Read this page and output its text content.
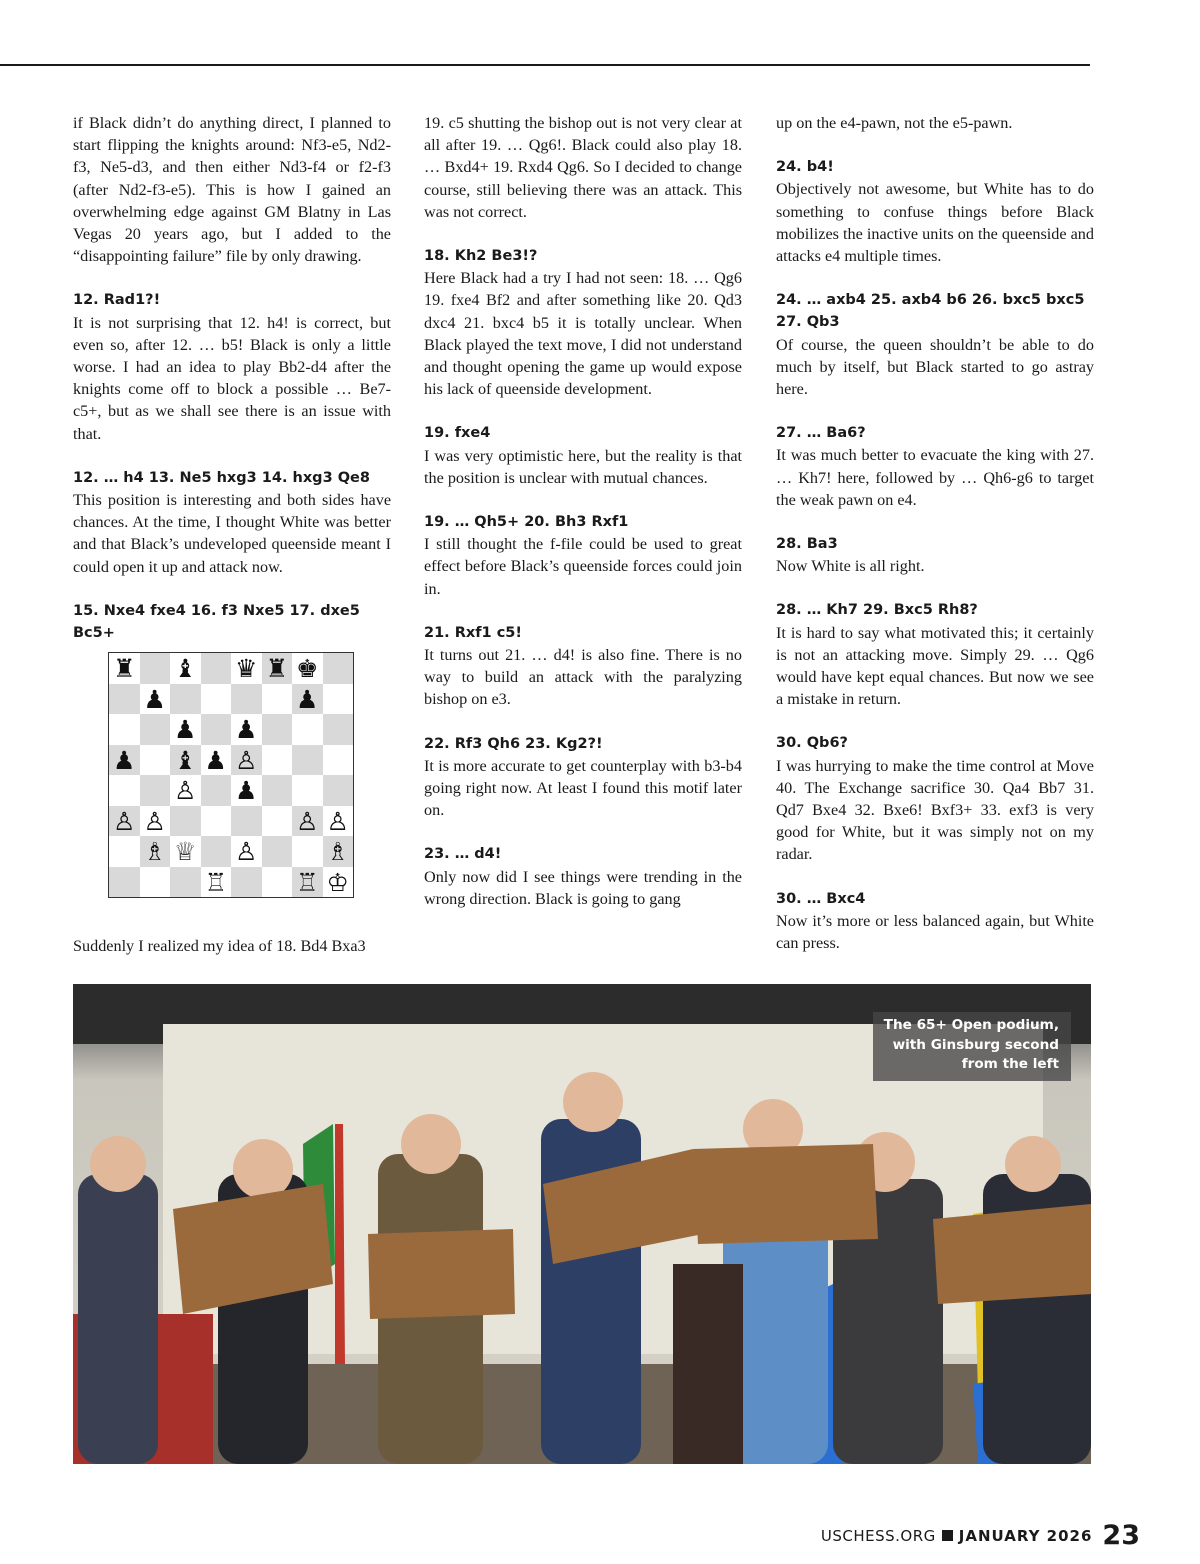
if Black didn’t do anything direct, I planned to start flipping the knights around: Nf3-e5, Nd2-f3, Ne5-d3, and then either Nd3-f4 or f2-f3 (after Nd2-f3-e5). This is how I gained an overwhelming edge against GM Blatny in Las Vegas 20 years ago, but I added to the “disappointing failure” file by only drawing.

12. Rad1?!

It is not surprising that 12. h4! is correct, but even so, after 12. … b5! Black is only a little worse. I had an idea to play Bb2-d4 after the knights come off to block a possible … Be7-c5+, but as we shall see there is an issue with that.

12. … h4 13. Ne5 hxg3 14. hxg3 Qe8

This position is interesting and both sides have chances. At the time, I thought White was better and that Black’s undeveloped queenside meant I could open it up and attack now.

15. Nxe4 fxe4 16. f3 Nxe5 17. dxe5 Bc5+
♜ ♝ ♛ ♜ ♚
♟	♟
♟ ♟
♟ ♝ ♟ ♙
♙ ♟
♙ ♙	♙ ♙
♗ ♕ ♙	♗
♖	♖ ♔

Suddenly I realized my idea of 18. Bd4 Bxa3

19. c5 shutting the bishop out is not very clear at all after 19. … Qg6!. Black could also play 18. … Bxd4+ 19. Rxd4 Qg6. So I decided to change course, still believing there was an attack. This was not correct.

18. Kh2 Be3!?

Here Black had a try I had not seen: 18. … Qg6 19. fxe4 Bf2 and after something like 20. Qd3 dxc4 21. bxc4 b5 it is totally unclear. When Black played the text move, I did not understand and thought opening the game up would expose his lack of queenside development.

19. fxe4

I was very optimistic here, but the reality is that the position is unclear with mutual chances.

19. … Qh5+ 20. Bh3 Rxf1

I still thought the f-file could be used to great effect before Black’s queenside forces could join in.

21. Rxf1 c5!

It turns out 21. … d4! is also fine. There is no way to build an attack with the paralyzing bishop on e3.

22. Rf3 Qh6 23. Kg2?!

It is more accurate to get counterplay with b3-b4 going right now. At least I found this motif later on.

23. … d4!

Only now did I see things were trending in the wrong direction. Black is going to gang

up on the e4-pawn, not the e5-pawn.

24. b4!

Objectively not awesome, but White has to do something to confuse things before Black mobilizes the inactive units on the queenside and attacks e4 multiple times.

24. … axb4 25. axb4 b6 26. bxc5 bxc5 27. Qb3

Of course, the queen shouldn’t be able to do much by itself, but Black started to go astray here.

27. … Ba6?

It was much better to evacuate the king with 27. … Kh7! here, followed by … Qh6-g6 to target the weak pawn on e4.

28. Ba3

Now White is all right.

28. … Kh7 29. Bxc5 Rh8?

It is hard to say what motivated this; it certainly is not an attacking move. Simply 29. … Qg6 would have kept equal chances. But now we see a mistake in return.

30. Qb6?

I was hurrying to make the time control at Move 40. The Exchange sacrifice 30. Qa4 Bb7 31. Qd7 Bxe4 32. Bxe6! Bxf3+ 33. exf3 is very good for White, but it was simply not on my radar.

30. … Bxc4

Now it’s more or less balanced again, but White can press.

The 65+ Open podium, with Ginsburg second from the left
USCHESS.ORG JANUARY 2026 23
